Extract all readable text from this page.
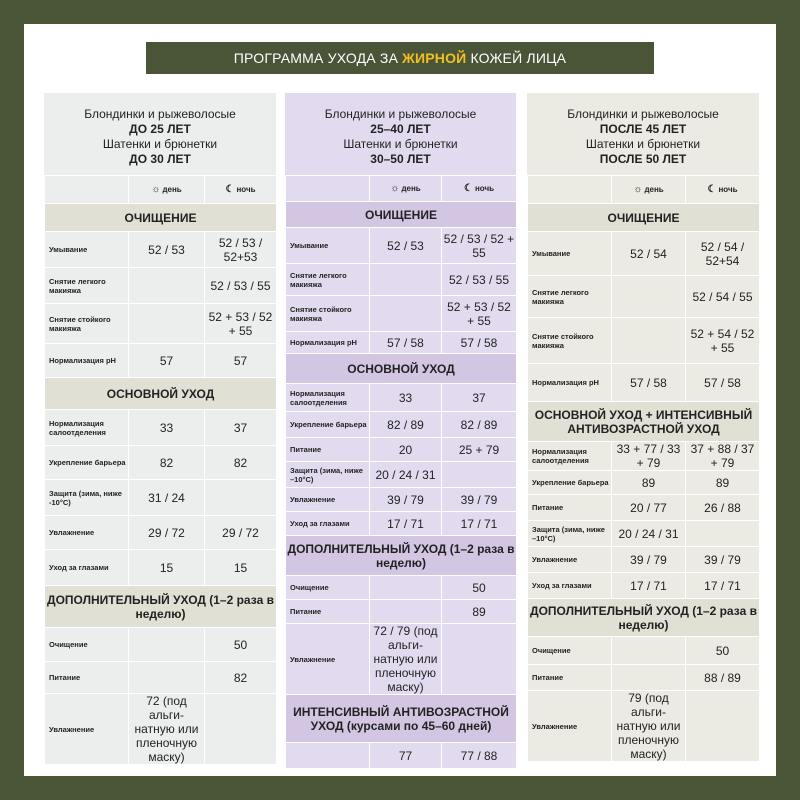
ПРОГРАММА УХОДА ЗА ЖИРНОЙ КОЖЕЙ ЛИЦА
Блондинки и рыжеволосые
ДО 25 ЛЕТ
Шатенки и брюнетки
ДО 30 ЛЕТ
	☼ день	☾ ночь
ОЧИЩЕНИЕ		
Умывание	52 / 53	52 / 53 / 52+53
Снятие легкого макияжа		52 / 53 / 55
Снятие стойкого макияжа		52 + 53 / 52 + 55
Нормализация pH	57	57
ОСНОВНОЙ УХОД		
Нормализация салоотделения	33	37
Укрепление барьера	82	82
Защита (зима, ниже -10°С)	31 / 24	
Увлажнение	29 / 72	29 / 72
Уход за глазами	15	15
ДОПОЛНИТЕЛЬНЫЙ УХОД (1–2 раза в неделю)		
Очищение		50
Питание		82
Увлажнение	72 (под альги-натную или пленочную маску)	
Блондинки и рыжеволосые
25–40 ЛЕТ
Шатенки и брюнетки
30–50 ЛЕТ
	☼ день	☾ ночь
ОЧИЩЕНИЕ		
Умывание	52 / 53	52 / 53 / 52 + 55
Снятие легкого макияжа		52 / 53 / 55
Снятие стойкого макияжа		52 + 53 / 52 + 55
Нормализация pH	57 / 58	57 / 58
ОСНОВНОЙ УХОД		
Нормализация салоотделения	33	37
Укрепление барьера	82 / 89	82 / 89
Питание	20	25 + 79
Защита (зима, ниже –10°С)	20 / 24 / 31	
Увлажнение	39 / 79	39 / 79
Уход за глазами	17 / 71	17 / 71
ДОПОЛНИТЕЛЬНЫЙ УХОД (1–2 раза в неделю)		
Очищение		50
Питание		89
Увлажнение	72 / 79 (под альги-натную или пленочную маску)	
ИНТЕНСИВНЫЙ АНТИВОЗРАСТНОЙ УХОД (курсами по 45–60 дней)		
	77	77 / 88
Блондинки и рыжеволосые
ПОСЛЕ 45 ЛЕТ
Шатенки и брюнетки
ПОСЛЕ 50 ЛЕТ
	☼ день	☾ ночь
ОЧИЩЕНИЕ		
Умывание	52 / 54	52 / 54 / 52+54
Снятие легкого макияжа		52 / 54 / 55
Снятие стойкого макияжа		52 + 54 / 52 + 55
Нормализация pH	57 / 58	57 / 58
ОСНОВНОЙ УХОД + ИНТЕНСИВНЫЙ АНТИВОЗРАСТНОЙ УХОД		
Нормализация салоотделения	33 + 77 / 33 + 79	37 + 88 / 37 + 79
Укрепление барьера	89	89
Питание	20 / 77	26 / 88
Защита (зима, ниже –10°С)	20 / 24 / 31	
Увлажнение	39 / 79	39 / 79
Уход за глазами	17 / 71	17 / 71
ДОПОЛНИТЕЛЬНЫЙ УХОД (1–2 раза в неделю)		
Очищение		50
Питание		88 / 89
Увлажнение	79 (под альги-натную или пленочную маску)	
